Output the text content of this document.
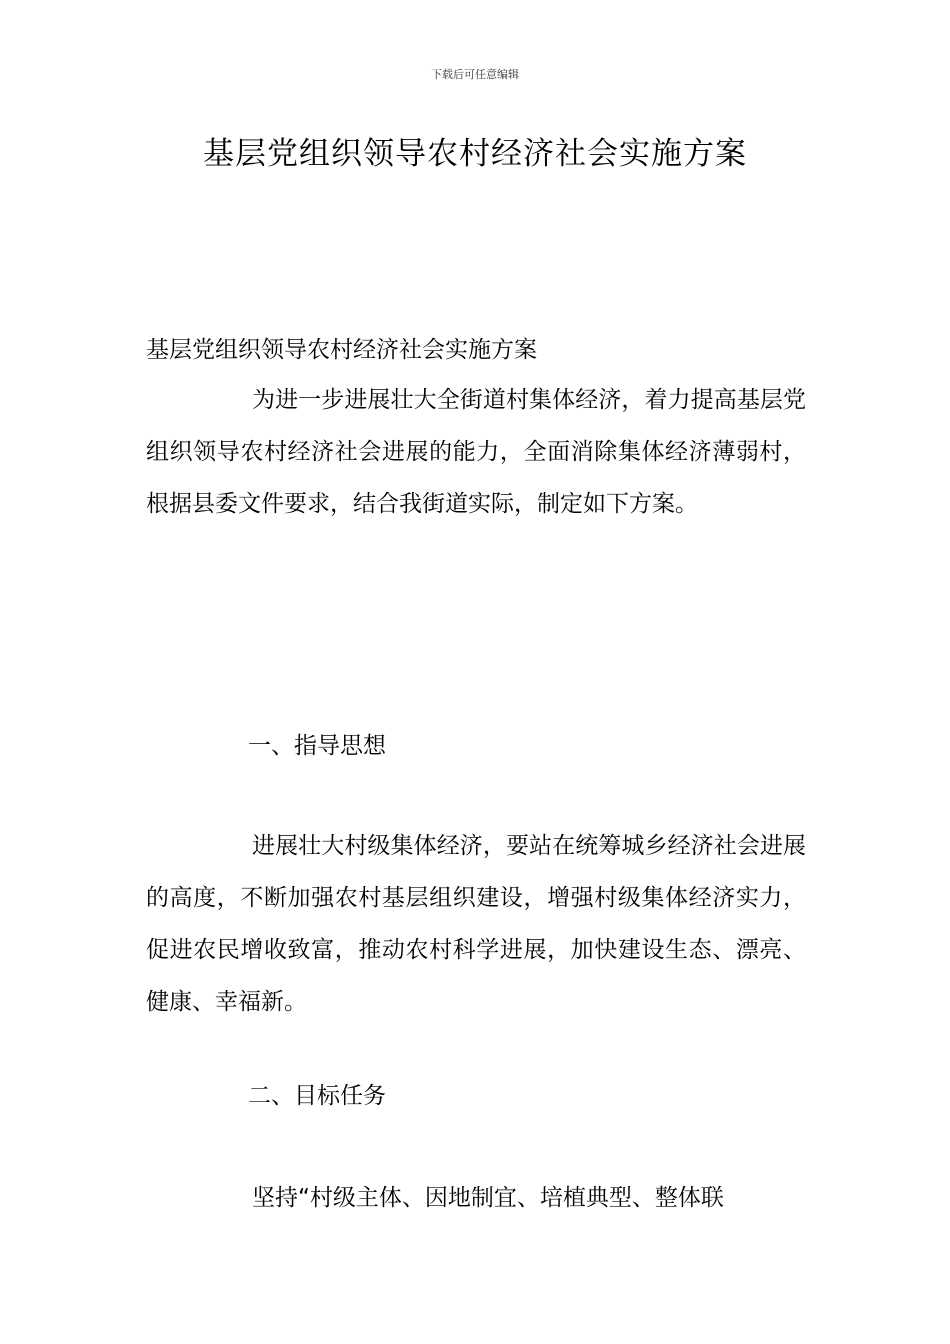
下载后可任意编辑
基层党组织领导农村经济社会实施方案
基层党组织领导农村经济社会实施方案
为进一步进展壮大全街道村集体经济，着力提高基层党组织领导农村经济社会进展的能力，全面消除集体经济薄弱村，根据县委文件要求，结合我街道实际，制定如下方案。
一、指导思想
进展壮大村级集体经济，要站在统筹城乡经济社会进展的高度，不断加强农村基层组织建设，增强村级集体经济实力，促进农民增收致富，推动农村科学进展，加快建设生态、漂亮、健康、幸福新。
二、目标任务
坚持“村级主体、因地制宜、培植典型、整体联
